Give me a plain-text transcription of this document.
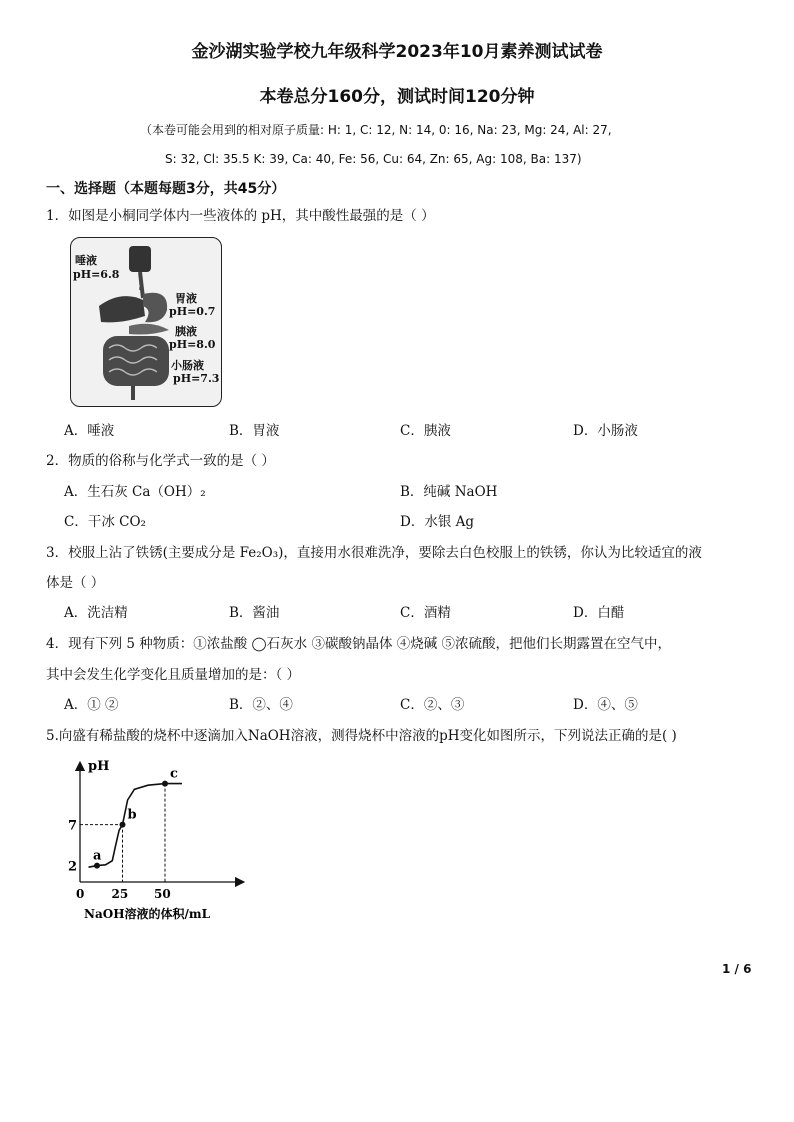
金沙湖实验学校九年级科学2023年10月素养测试试卷
本卷总分160分，测试时间120分钟
（本卷可能会用到的相对原子质量: H: 1, C: 12, N: 14, 0: 16, Na: 23, Mg: 24, Al: 27,
S: 32, Cl: 35.5 K: 39, Ca: 40, Fe: 56, Cu: 64, Zn: 65, Ag: 108, Ba: 137)
一、选择题（本题每题3分，共45分）
1．如图是小桐同学体内一些液体的 pH，其中酸性最强的是（ ）
唾液
pH=6.8
胃液
pH=0.7
胰液
pH=8.0
小肠液
pH=7.3
A．唾液	B．胃液	C．胰液	D．小肠液
2．物质的俗称与化学式一致的是（ ）
A．生石灰 Ca（OH）₂	B．纯碱 NaOH
C．干冰 CO₂	D．水银 Ag
3．校服上沾了铁锈(主要成分是 Fe₂O₃)，直接用水很难洗净，要除去白色校服上的铁锈，你认为比较适宜的液
体是（ ）
A．洗洁精	B．酱油	C．酒精	D．白醋
4．现有下列 5 种物质：①浓盐酸 ◯石灰水 ③碳酸钠晶体 ④烧碱 ⑤浓硫酸，把他们长期露置在空气中，
其中会发生化学变化且质量增加的是：（ ）
A．① ②	B．②、④	C．②、③	D．④、⑤
5.向盛有稀盐酸的烧杯中逐滴加入NaOH溶液，测得烧杯中溶液的pH变化如图所示，下列说法正确的是( )
a
b
c
0 25 50
2
7
pH
NaOH溶液的体积/mL
1 / 6
